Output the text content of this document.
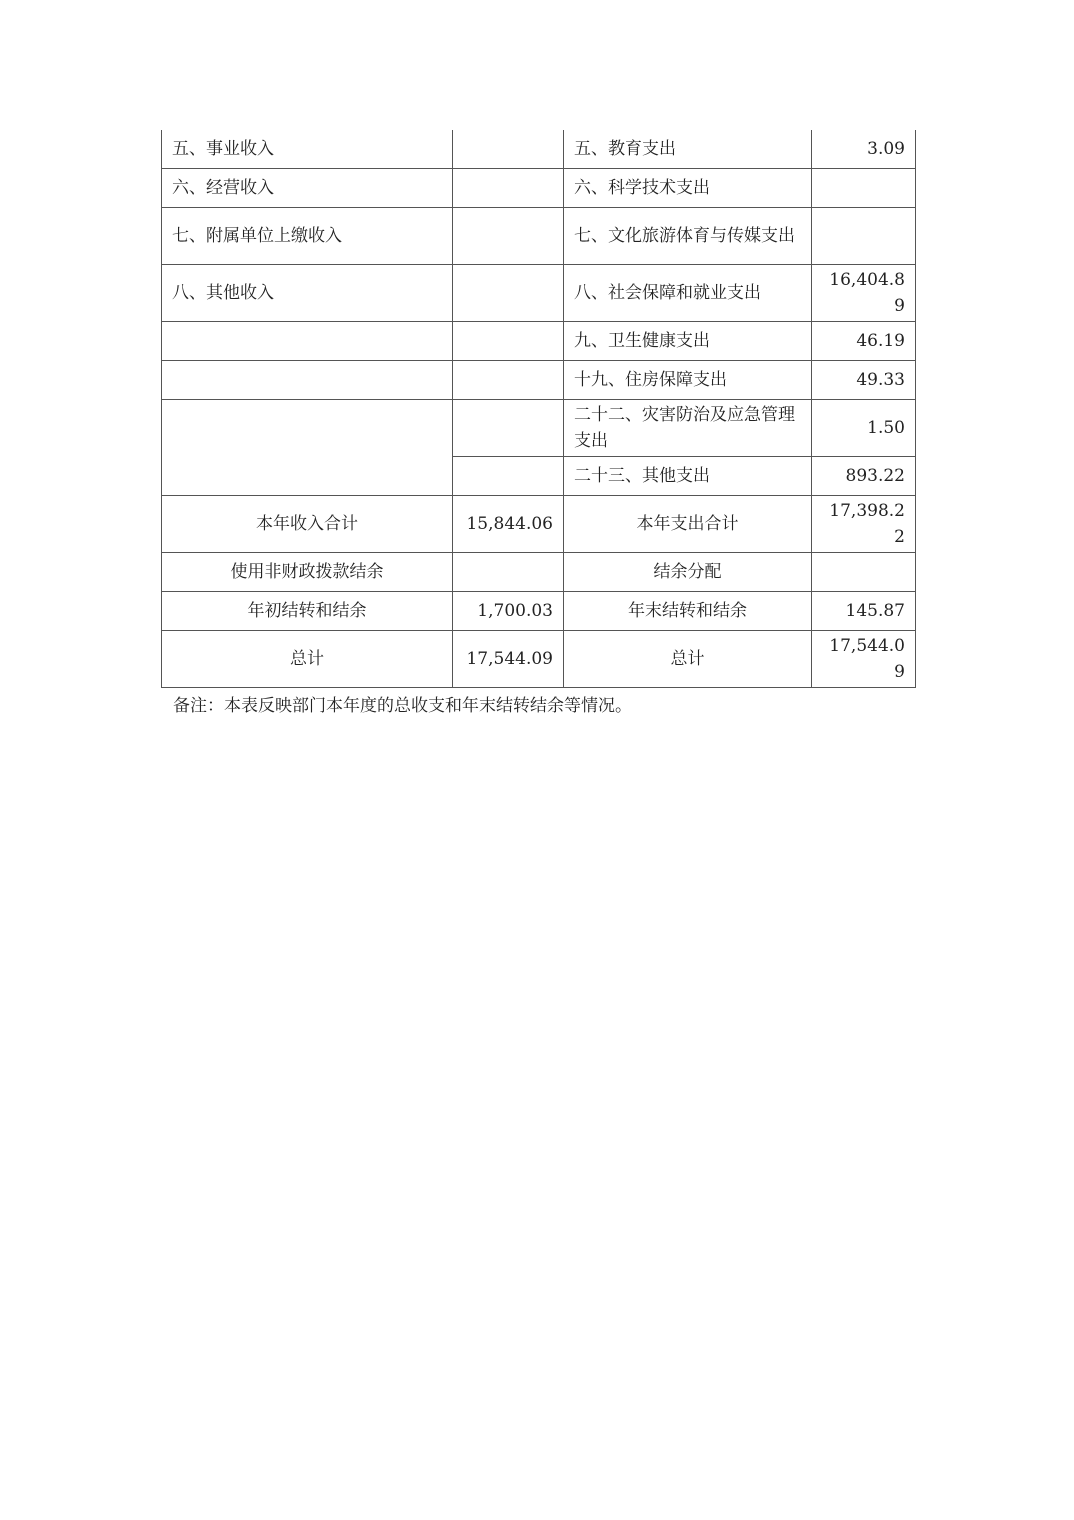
五、事业收入		五、教育支出	3.09
六、经营收入		六、科学技术支出	
七、附属单位上缴收入		七、文化旅游体育与传媒支出	
八、其他收入		八、社会保障和就业支出	16,404.89
		九、卫生健康支出	46.19
		十九、住房保障支出	49.33
		二十二、灾害防治及应急管理支出	1.50
		二十三、其他支出	893.22
本年收入合计	15,844.06	本年支出合计	17,398.22
使用非财政拨款结余		结余分配	
年初结转和结余	1,700.03	年末结转和结余	145.87
总计	17,544.09	总计	17,544.09
备注：本表反映部门本年度的总收支和年末结转结余等情况。
